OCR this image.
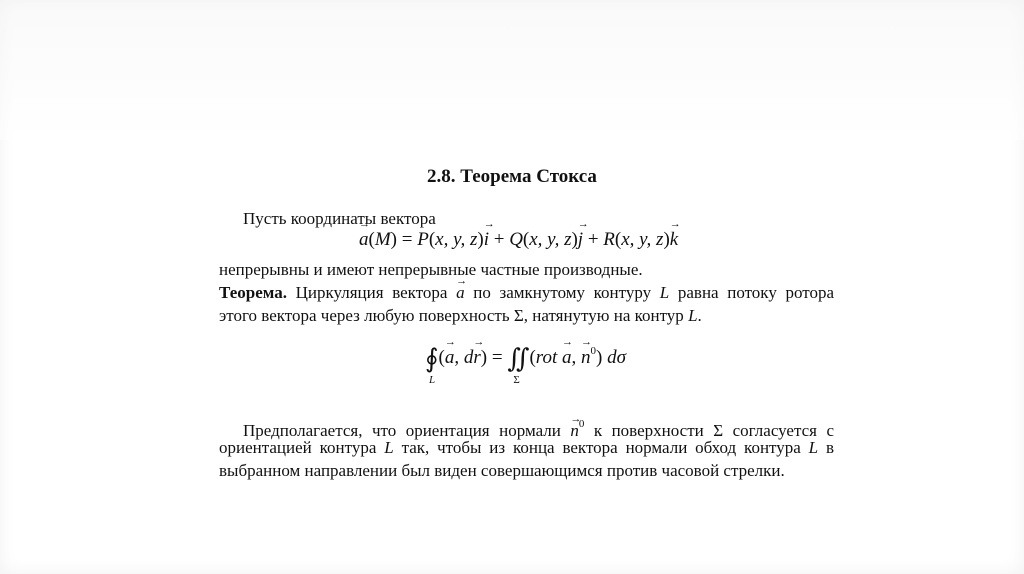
2.8. Теорема Стокса
Пусть координаты вектора
→ a(M) = P(x, y, z)→ i + Q(x, y, z)→ j + R(x, y, z)→ k
непрерывны и имеют непрерывные частные производные.
Теорема. Циркуляция вектора → a по замкнутому контуру L равна потоку ротора
этого вектора через любую поверхность Σ, натянутую на контур L.
∮
L
(→ a, d→ r) = ∬
Σ
(rot → a, → $n^0$) dσ
Предполагается, что ориентация нормали → $n^0$ к поверхности Σ согласуется с
ориентацией контура L так, чтобы из конца вектора нормали обход контура L в
выбранном направлении был виден совершающимся против часовой стрелки.
